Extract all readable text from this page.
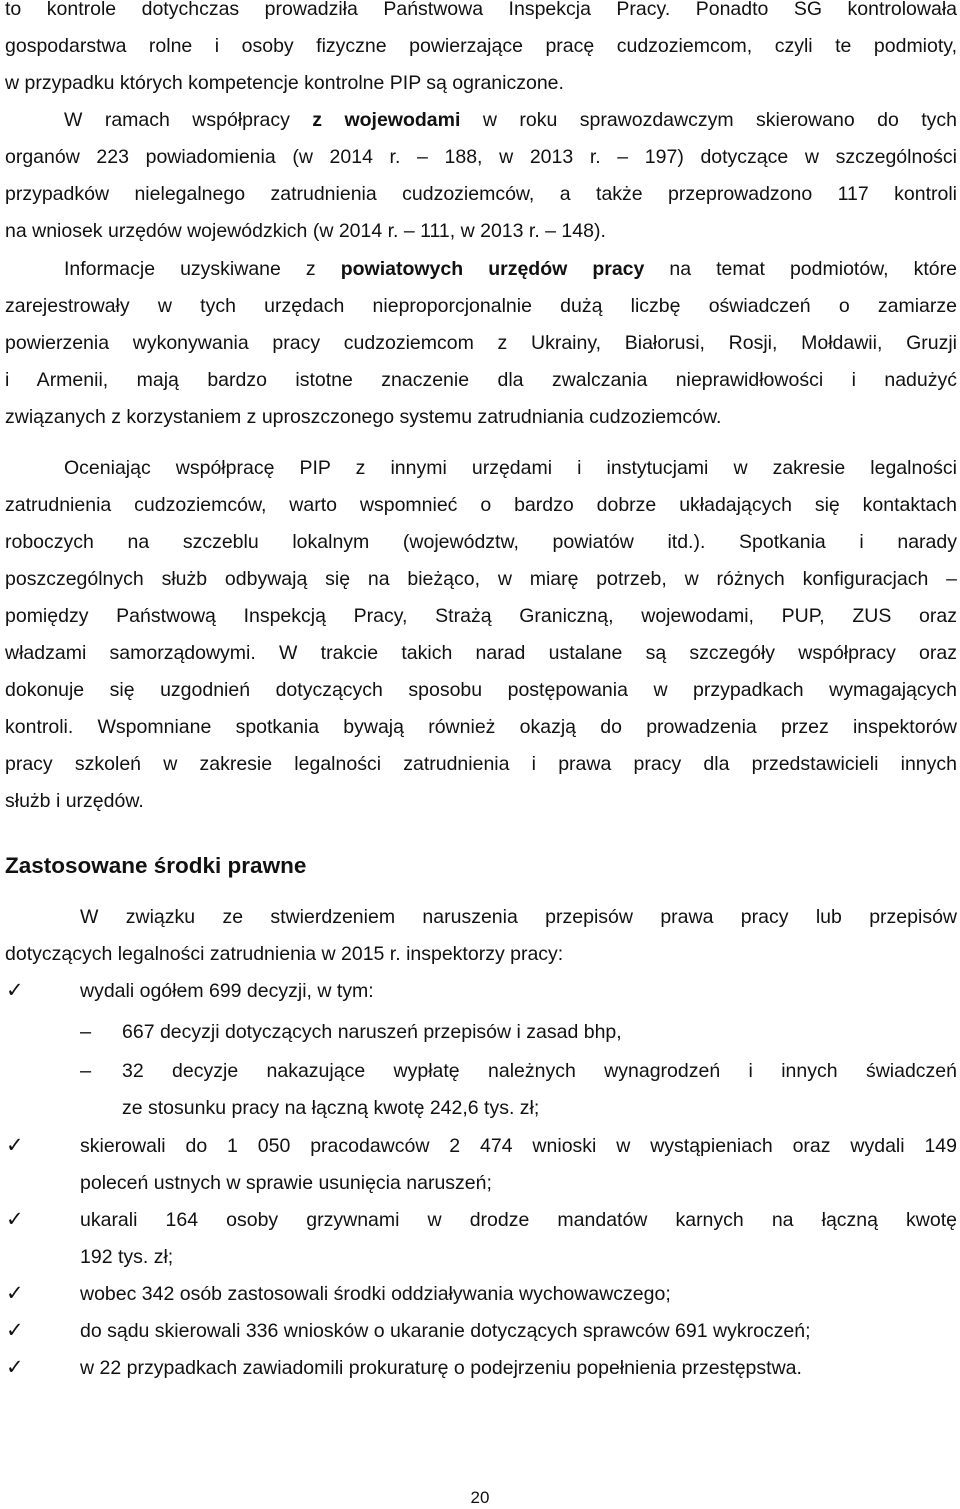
to kontrole dotychczas prowadziła Państwowa Inspekcja Pracy. Ponadto SG kontrolowała
gospodarstwa rolne i osoby fizyczne powierzające pracę cudzoziemcom, czyli te podmioty,
w przypadku których kompetencje kontrolne PIP są ograniczone.
W ramach współpracy z wojewodami w roku sprawozdawczym skierowano do tych
organów 223 powiadomienia (w 2014 r. – 188, w 2013 r. – 197) dotyczące w szczególności
przypadków nielegalnego zatrudnienia cudzoziemców, a także przeprowadzono 117 kontroli
na wniosek urzędów wojewódzkich (w 2014 r. – 111, w 2013 r. – 148).
Informacje uzyskiwane z powiatowych urzędów pracy na temat podmiotów, które
zarejestrowały w tych urzędach nieproporcjonalnie dużą liczbę oświadczeń o zamiarze
powierzenia wykonywania pracy cudzoziemcom z Ukrainy, Białorusi, Rosji, Mołdawii, Gruzji
i Armenii, mają bardzo istotne znaczenie dla zwalczania nieprawidłowości i nadużyć
związanych z korzystaniem z uproszczonego systemu zatrudniania cudzoziemców.
Oceniając współpracę PIP z innymi urzędami i instytucjami w zakresie legalności
zatrudnienia cudzoziemców, warto wspomnieć o bardzo dobrze układających się kontaktach
roboczych na szczeblu lokalnym (województw, powiatów itd.). Spotkania i narady
poszczególnych służb odbywają się na bieżąco, w miarę potrzeb, w różnych konfiguracjach –
pomiędzy Państwową Inspekcją Pracy, Strażą Graniczną, wojewodami, PUP, ZUS oraz
władzami samorządowymi. W trakcie takich narad ustalane są szczegóły współpracy oraz
dokonuje się uzgodnień dotyczących sposobu postępowania w przypadkach wymagających
kontroli. Wspomniane spotkania bywają również okazją do prowadzenia przez inspektorów
pracy szkoleń w zakresie legalności zatrudnienia i prawa pracy dla przedstawicieli innych
służb i urzędów.
Zastosowane środki prawne
W związku ze stwierdzeniem naruszenia przepisów prawa pracy lub przepisów
dotyczących legalności zatrudnienia w 2015 r. inspektorzy pracy:
✓	wydali ogółem 699 decyzji, w tym:
– 667 decyzji dotyczących naruszeń przepisów i zasad bhp,
– 32 decyzje nakazujące wypłatę należnych wynagrodzeń i innych świadczeń
ze stosunku pracy na łączną kwotę 242,6 tys. zł;
✓	skierowali do 1 050 pracodawców 2 474 wnioski w wystąpieniach oraz wydali 149
poleceń ustnych w sprawie usunięcia naruszeń;
✓	ukarali 164 osoby grzywnami w drodze mandatów karnych na łączną kwotę
192 tys. zł;
✓	wobec 342 osób zastosowali środki oddziaływania wychowawczego;
✓	do sądu skierowali 336 wniosków o ukaranie dotyczących sprawców 691 wykroczeń;
✓	w 22 przypadkach zawiadomili prokuraturę o podejrzeniu popełnienia przestępstwa.
20
